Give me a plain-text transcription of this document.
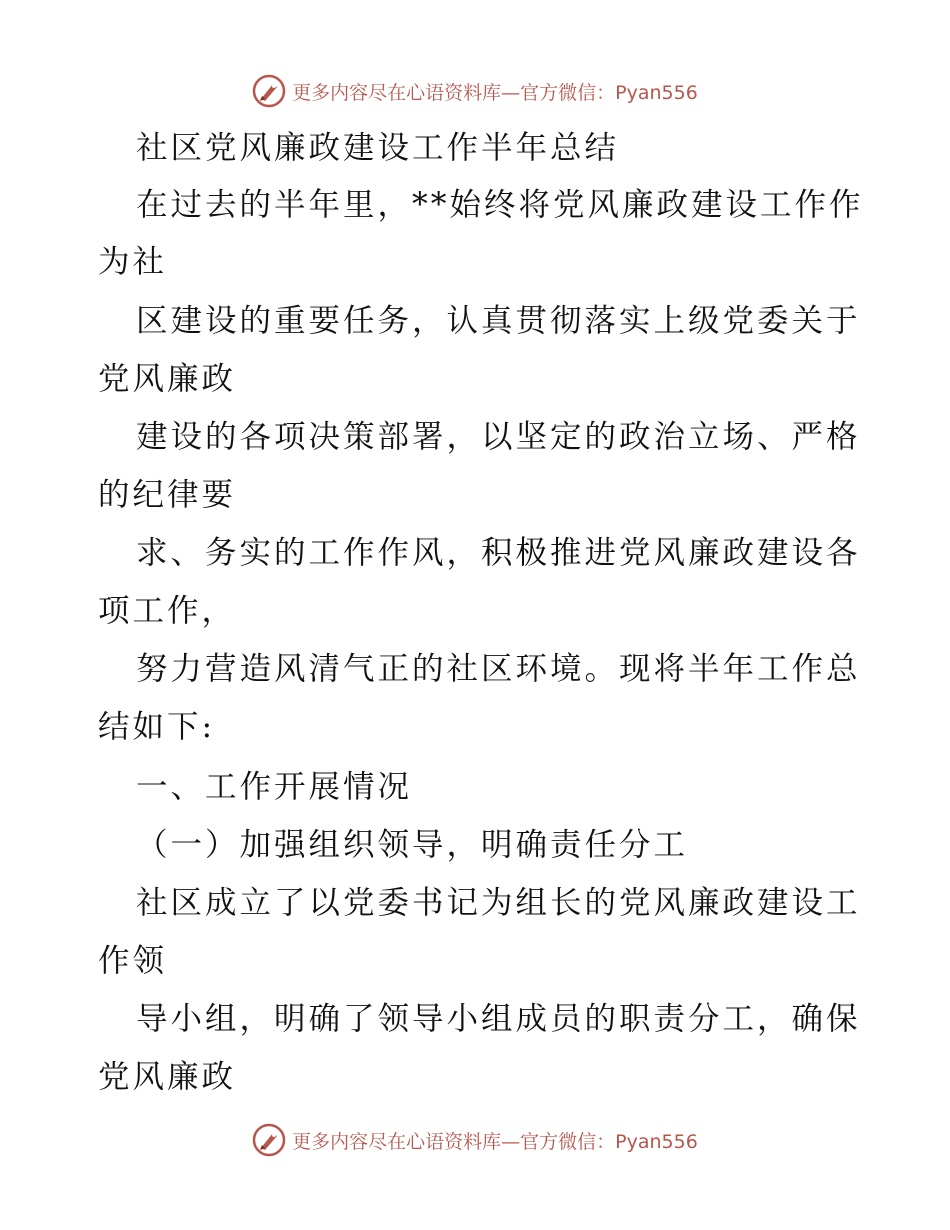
更多内容尽在心语资料库—官方微信：Pyan556
社区党风廉政建设工作半年总结
在过去的半年里，**始终将党风廉政建设工作作
为社
区建设的重要任务，认真贯彻落实上级党委关于
党风廉政
建设的各项决策部署，以坚定的政治立场、严格
的纪律要
求、务实的工作作风，积极推进党风廉政建设各
项工作，
努力营造风清气正的社区环境。现将半年工作总
结如下:
一、工作开展情况
（一）加强组织领导，明确责任分工
社区成立了以党委书记为组长的党风廉政建设工
作领
导小组，明确了领导小组成员的职责分工，确保
党风廉政
更多内容尽在心语资料库—官方微信：Pyan556
